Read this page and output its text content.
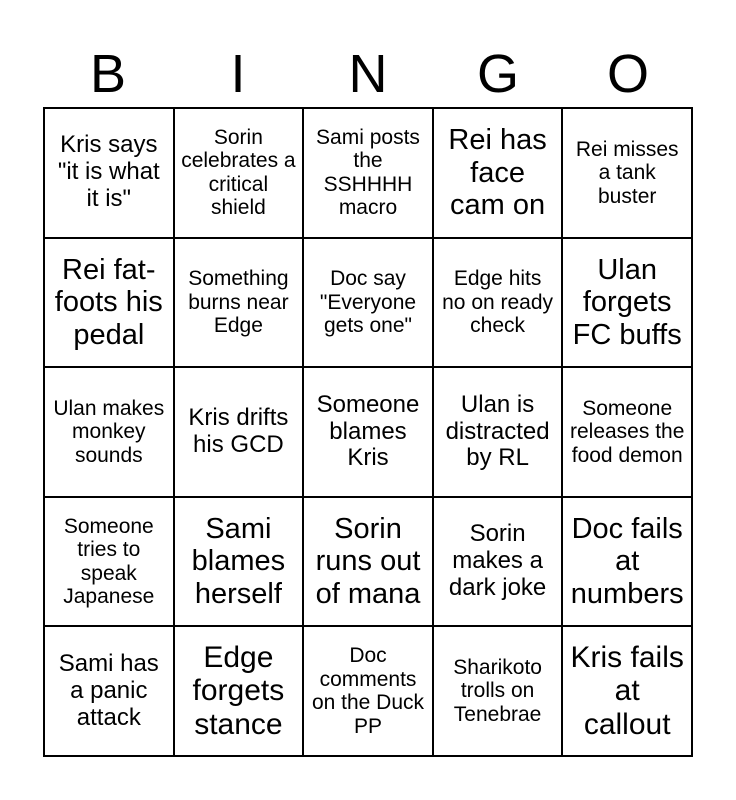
B	I	N	G	O
Kris says "it is what it is"
Sorin celebrates a critical shield
Sami posts the SSHHHH macro
Rei has face cam on
Rei misses a tank buster
Rei fat-foots his pedal
Something burns near Edge
Doc say "Everyone gets one"
Edge hits no on ready check
Ulan forgets FC buffs
Ulan makes monkey sounds
Kris drifts his GCD
Someone blames Kris
Ulan is distracted by RL
Someone releases the food demon
Someone tries to speak Japanese
Sami blames herself
Sorin runs out of mana
Sorin makes a dark joke
Doc fails at numbers
Sami has a panic attack
Edge forgets stance
Doc comments on the Duck PP
Sharikoto trolls on Tenebrae
Kris fails at callout
